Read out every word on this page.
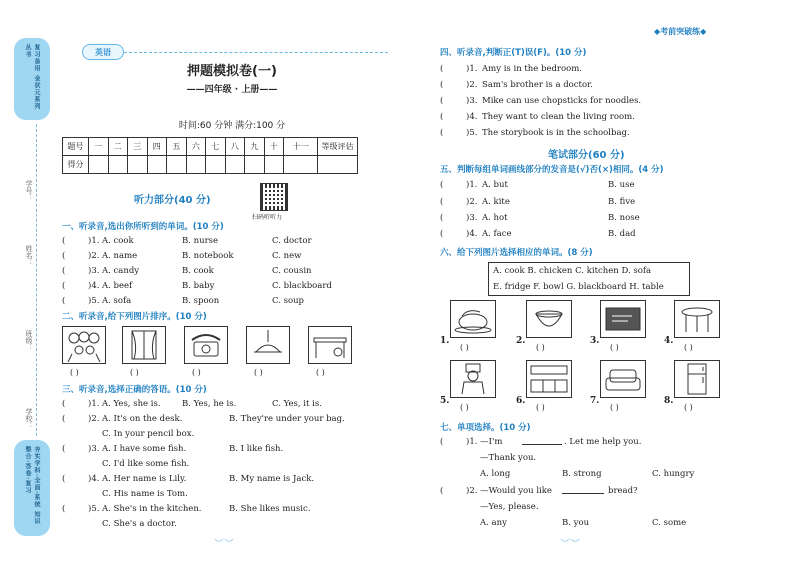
复习备用 金状元系列丛书
学号：
姓名：
班级：
学校：
夯实学科·全面·系统 知识整合·答卷·复习
英语
押题模拟卷(一)
——四年级 · 上册——
时间:60 分钟 满分:100 分
◆考前突破练◆
题号	一	二	三	四	五	六	七	八	九	十	十一	等级评估
得分												
听力部分(40 分)
扫码听听力
一、听录音,选出你所听到的单词。(10 分)
(	)1. A. cook	B. nurse	C. doctor
(	)2. A. name	B. notebook	C. new
(	)3. A. candy	B. cook	C. cousin
(	)4. A. beef	B. baby	C. blackboard
(	)5. A. sofa	B. spoon	C. soup
二、听录音,给下列图片排序。(10 分)
( )	( )	( )	( )	( )
三、听录音,选择正确的答语。(10 分)
(	)1. A. Yes, she is.	B. Yes, he is.	C. Yes, it is.
(	)2. A. It's on the desk.	B. They're under your bag.
C. In your pencil box.
(	)3. A. I have some fish.	B. I like fish.
C. I'd like some fish.
(	)4. A. Her name is Lily.	B. My name is Jack.
C. His name is Tom.
(	)5. A. She's in the kitchen.	B. She likes music.
C. She's a doctor.
︶︶	︶︶
四、听录音,判断正(T)误(F)。(10 分)
(	)1. Amy is in the bedroom.
(	)2. Sam's brother is a doctor.
(	)3. Mike can use chopsticks for noodles.
(	)4. They want to clean the living room.
(	)5. The storybook is in the schoolbag.
笔试部分(60 分)
五、判断每组单词画线部分的发音是(√)否(×)相同。(4 分)
(	)1. A. but	B. use
(	)2. A. kite	B. five
(	)3. A. hot	B. nose
(	)4. A. face	B. dad
六、给下列图片选择相应的单词。(8 分)
A. cook B. chicken C. kitchen D. sofa
E. fridge F. bowl G. blackboard H. table
1.	2.	3.	4.
( )	( )	( )	( )
5.	6.	7.	8.
( )	( )	( )	( )
七、单项选择。(10 分)
(	)1. —I'm	. Let me help you.
—Thank you.
A. long	B. strong	C. hungry
(	)2. —Would you like	bread?
—Yes, please.
A. any	B. you	C. some
